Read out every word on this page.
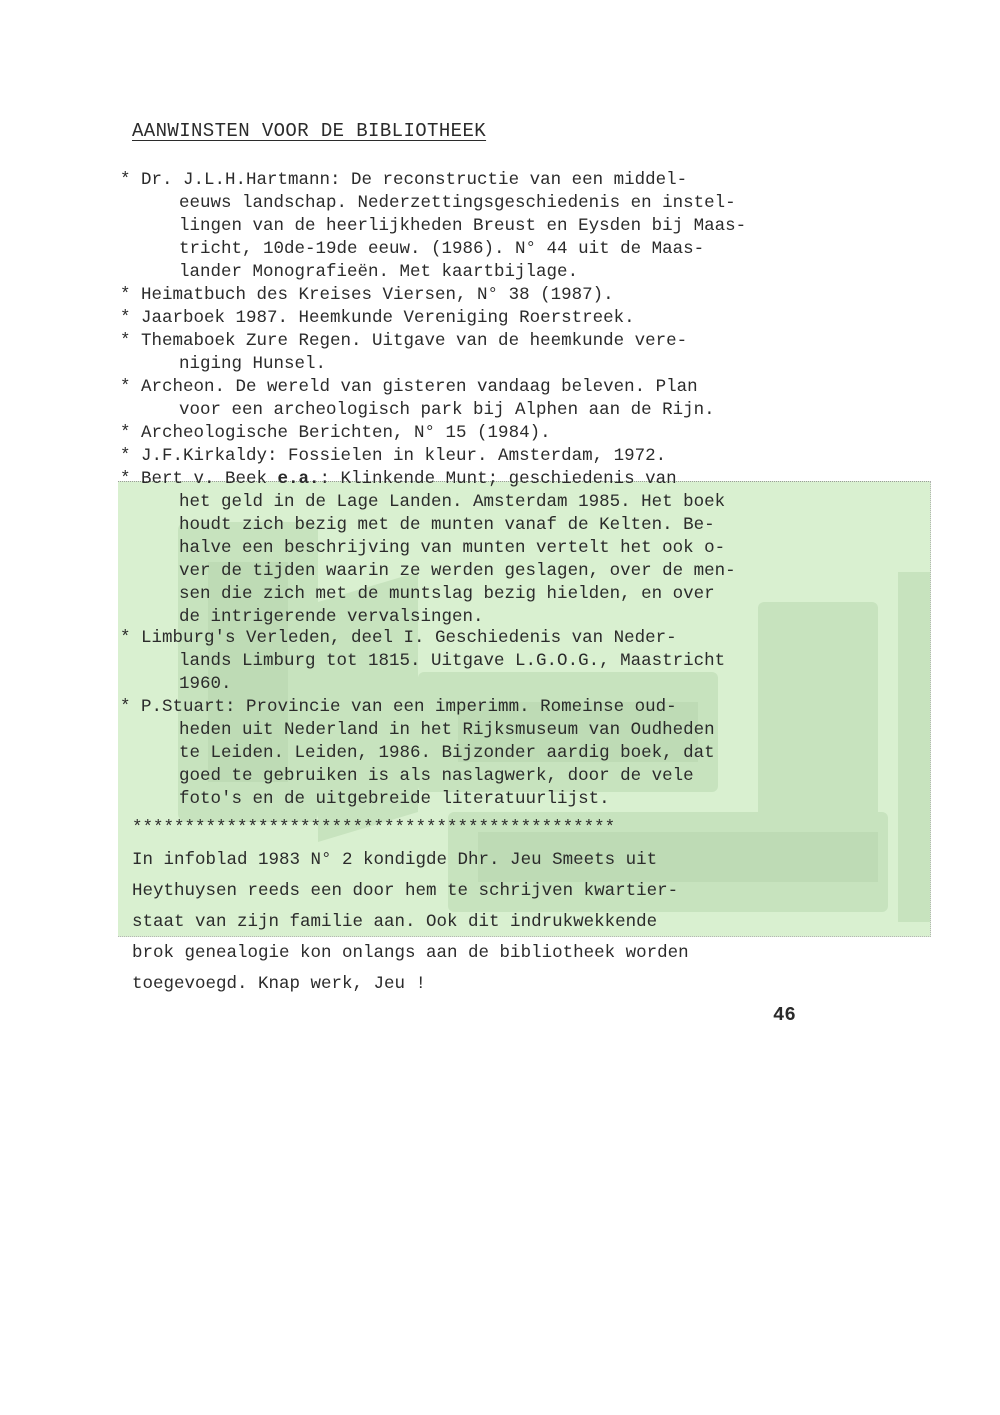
AANWINSTEN VOOR DE BIBLIOTHEEK
* Dr. J.L.H.Hartmann: De reconstructie van een middel-
eeuws landschap. Nederzettingsgeschiedenis en instel-
lingen van de heerlijkheden Breust en Eysden bij Maas-
tricht, 10de-19de eeuw. (1986). N° 44 uit de Maas-
lander Monografieën. Met kaartbijlage.
* Heimatbuch des Kreises Viersen, N° 38 (1987).
* Jaarboek 1987. Heemkunde Vereniging Roerstreek.
* Themaboek Zure Regen. Uitgave van de heemkunde vere-
niging Hunsel.
* Archeon. De wereld van gisteren vandaag beleven. Plan
voor een archeologisch park bij Alphen aan de Rijn.
* Archeologische Berichten, N° 15 (1984).
* J.F.Kirkaldy: Fossielen in kleur. Amsterdam, 1972.
* Bert v. Beek e.a.: Klinkende Munt; geschiedenis van
het geld in de Lage Landen. Amsterdam 1985. Het boek
houdt zich bezig met de munten vanaf de Kelten. Be-
halve een beschrijving van munten vertelt het ook o-
ver de tijden waarin ze werden geslagen, over de men-
sen die zich met de muntslag bezig hielden, en over
de intrigerende vervalsingen.
* Limburg's Verleden, deel I. Geschiedenis van Neder-
lands Limburg tot 1815. Uitgave L.G.O.G., Maastricht
1960.
* P.Stuart: Provincie van een imperimm. Romeinse oud-
heden uit Nederland in het Rijksmuseum van Oudheden
te Leiden. Leiden, 1986. Bijzonder aardig boek, dat
goed te gebruiken is als naslagwerk, door de vele
foto's en de uitgebreide literatuurlijst.
**********************************************
In infoblad 1983 N° 2 kondigde Dhr. Jeu Smeets uit
Heythuysen reeds een door hem te schrijven kwartier-
staat van zijn familie aan. Ook dit indrukwekkende
brok genealogie kon onlangs aan de bibliotheek worden
toegevoegd. Knap werk, Jeu !
46
